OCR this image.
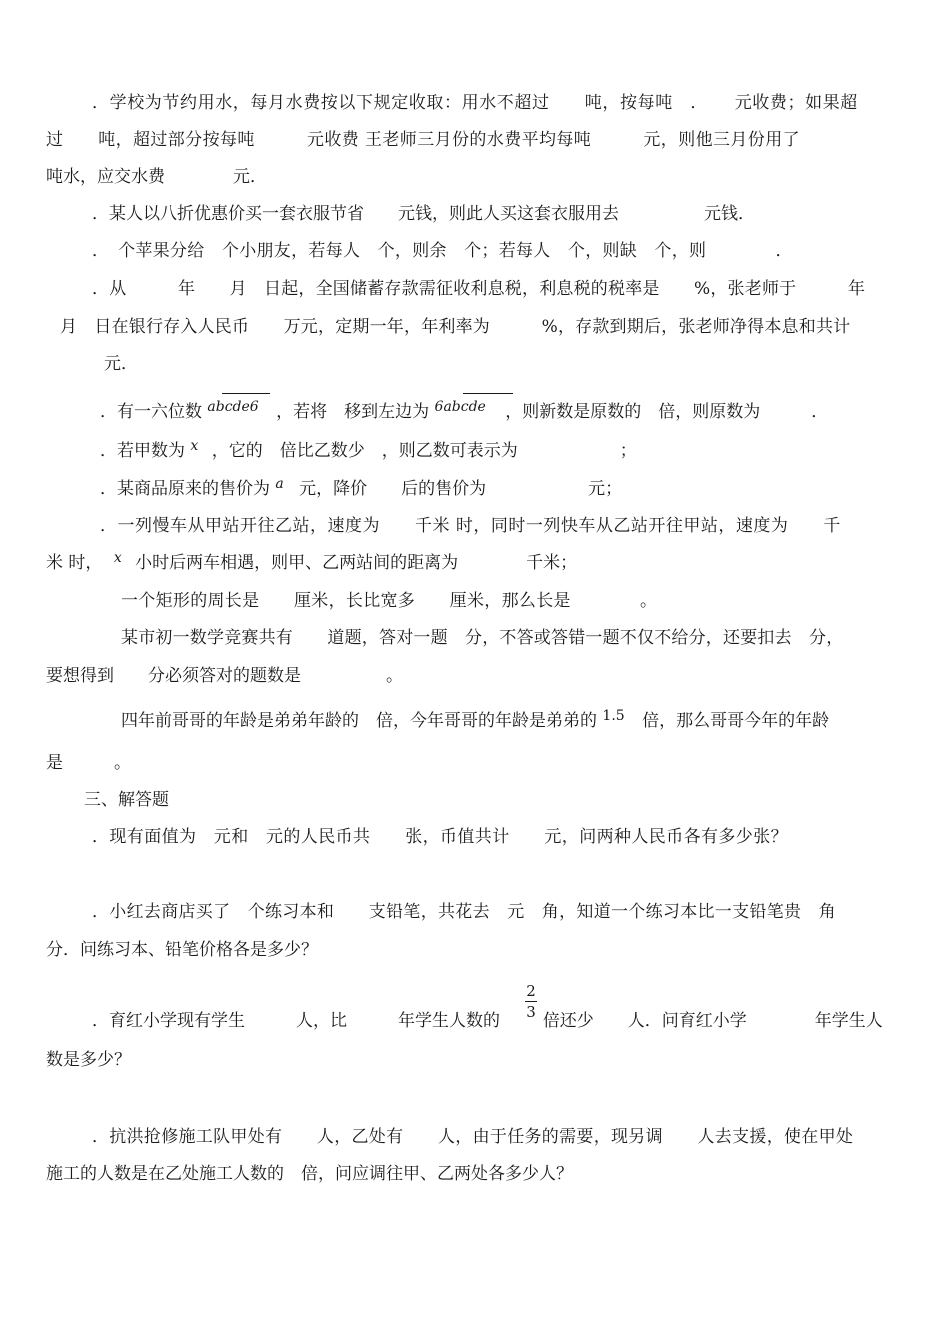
．学校为节约用水，每月水费按以下规定收取：用水不超过　　吨，按每吨　．　　元收费；如果超
过　　吨，超过部分按每吨　　　元收费 王老师三月份的水费平均每吨　　　元，则他三月份用了
吨水，应交水费　　　　元．
．某人以八折优惠价买一套衣服节省　　元钱，则此人买这套衣服用去　　　　　元钱．
．　个苹果分给　个小朋友，若每人　个，则余　个；若每人　个，则缺　个，则　　　　．
．从　　　年　　月　日起，全国储蓄存款需征收利息税，利息税的税率是　　%，张老师于　　　年
月　日在银行存入人民币　　万元，定期一年，年利率为　　　%，存款到期后，张老师净得本息和共计
元．
．有一六位数 $^{abcde6}$ ，若将　移到左边为 $^{6abcde}$ ，则新数是原数的　倍，则原数为　　　．
．若甲数为 $^x$ ，它的　倍比乙数少　，则乙数可表示为　　　　　　；
．某商品原来的售价为 $^a$ 元，降价　　后的售价为　　　　　　元；
．一列慢车从甲站开往乙站，速度为　　千米 时，同时一列快车从乙站开往甲站，速度为　　千
米 时， $^x$ 小时后两车相遇，则甲、乙两站间的距离为　　　　千米；
一个矩形的周长是　　厘米，长比宽多　　厘米，那么长是　　　　。
某市初一数学竞赛共有　　道题，答对一题　分，不答或答错一题不仅不给分，还要扣去　分，
要想得到　　分必须答对的题数是　　　　　。
四年前哥哥的年龄是弟弟年龄的　倍，今年哥哥的年龄是弟弟的 $^{1.5}$ 倍，那么哥哥今年的年龄
是　　　。
三、解答题
．现有面值为　元和　元的人民币共　　张，币值共计　　元，问两种人民币各有多少张？
．小红去商店买了　个练习本和　　支铅笔，共花去　元　角，知道一个练习本比一支铅笔贵　角
分．问练习本、铅笔价格各是多少？
．育红小学现有学生　　　人，比　　　年学生人数的	倍还少　　人．问育红小学　　　　年学生人
2
3
数是多少？
．抗洪抢修施工队甲处有　　人，乙处有　　人，由于任务的需要，现另调　　人去支援，使在甲处
施工的人数是在乙处施工人数的　倍，问应调往甲、乙两处各多少人？
